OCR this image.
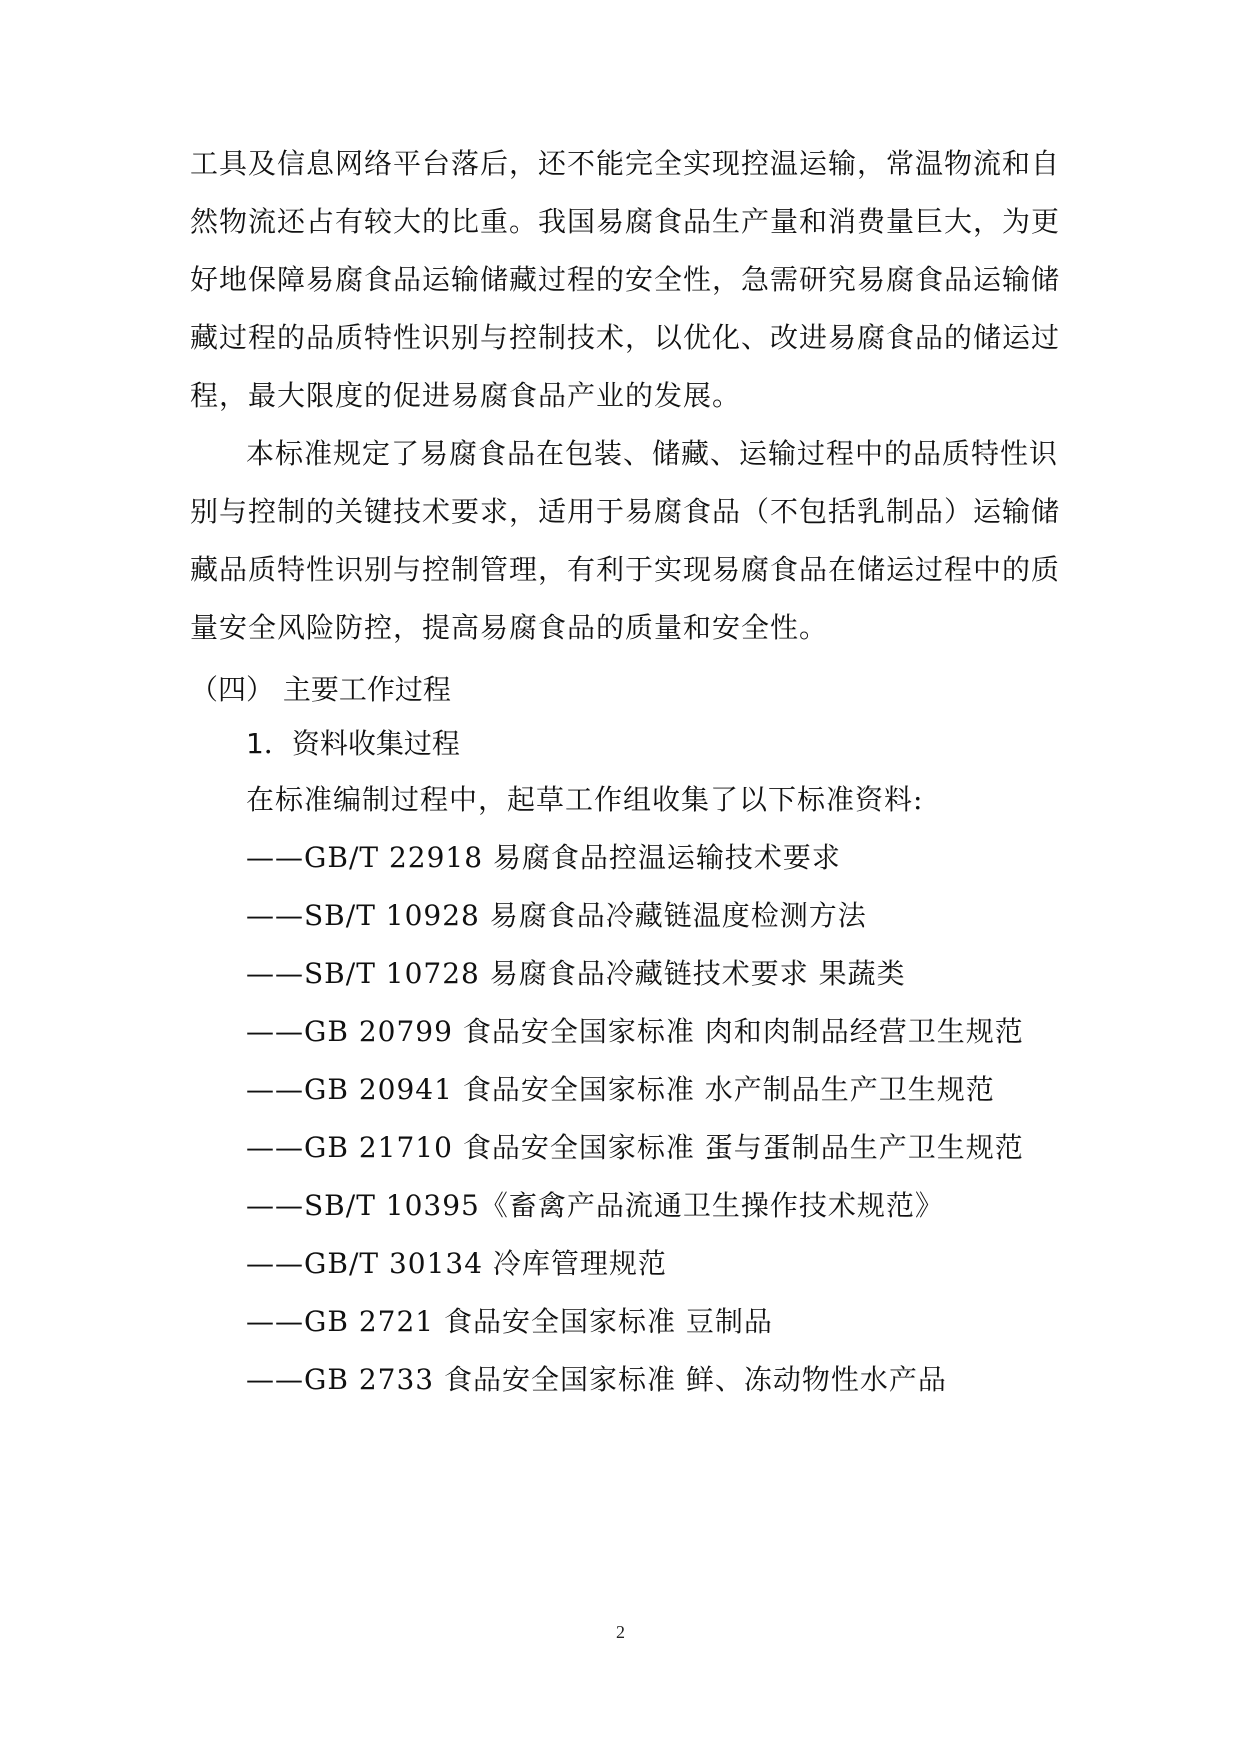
工具及信息网络平台落后，还不能完全实现控温运输，常温物流和自
然物流还占有较大的比重。我国易腐食品生产量和消费量巨大，为更
好地保障易腐食品运输储藏过程的安全性，急需研究易腐食品运输储
藏过程的品质特性识别与控制技术，以优化、改进易腐食品的储运过
程，最大限度的促进易腐食品产业的发展。
本标准规定了易腐食品在包装、储藏、运输过程中的品质特性识
别与控制的关键技术要求，适用于易腐食品（不包括乳制品）运输储
藏品质特性识别与控制管理，有利于实现易腐食品在储运过程中的质
量安全风险防控，提高易腐食品的质量和安全性。
（四） 主要工作过程
1．资料收集过程
在标准编制过程中，起草工作组收集了以下标准资料:
——GB/T 22918 易腐食品控温运输技术要求
——SB/T 10928 易腐食品冷藏链温度检测方法
——SB/T 10728 易腐食品冷藏链技术要求 果蔬类
——GB 20799 食品安全国家标准 肉和肉制品经营卫生规范
——GB 20941 食品安全国家标准 水产制品生产卫生规范
——GB 21710 食品安全国家标准 蛋与蛋制品生产卫生规范
——SB/T 10395《畜禽产品流通卫生操作技术规范》
——GB/T 30134 冷库管理规范
——GB 2721 食品安全国家标准 豆制品
——GB 2733 食品安全国家标准 鲜、冻动物性水产品
2
